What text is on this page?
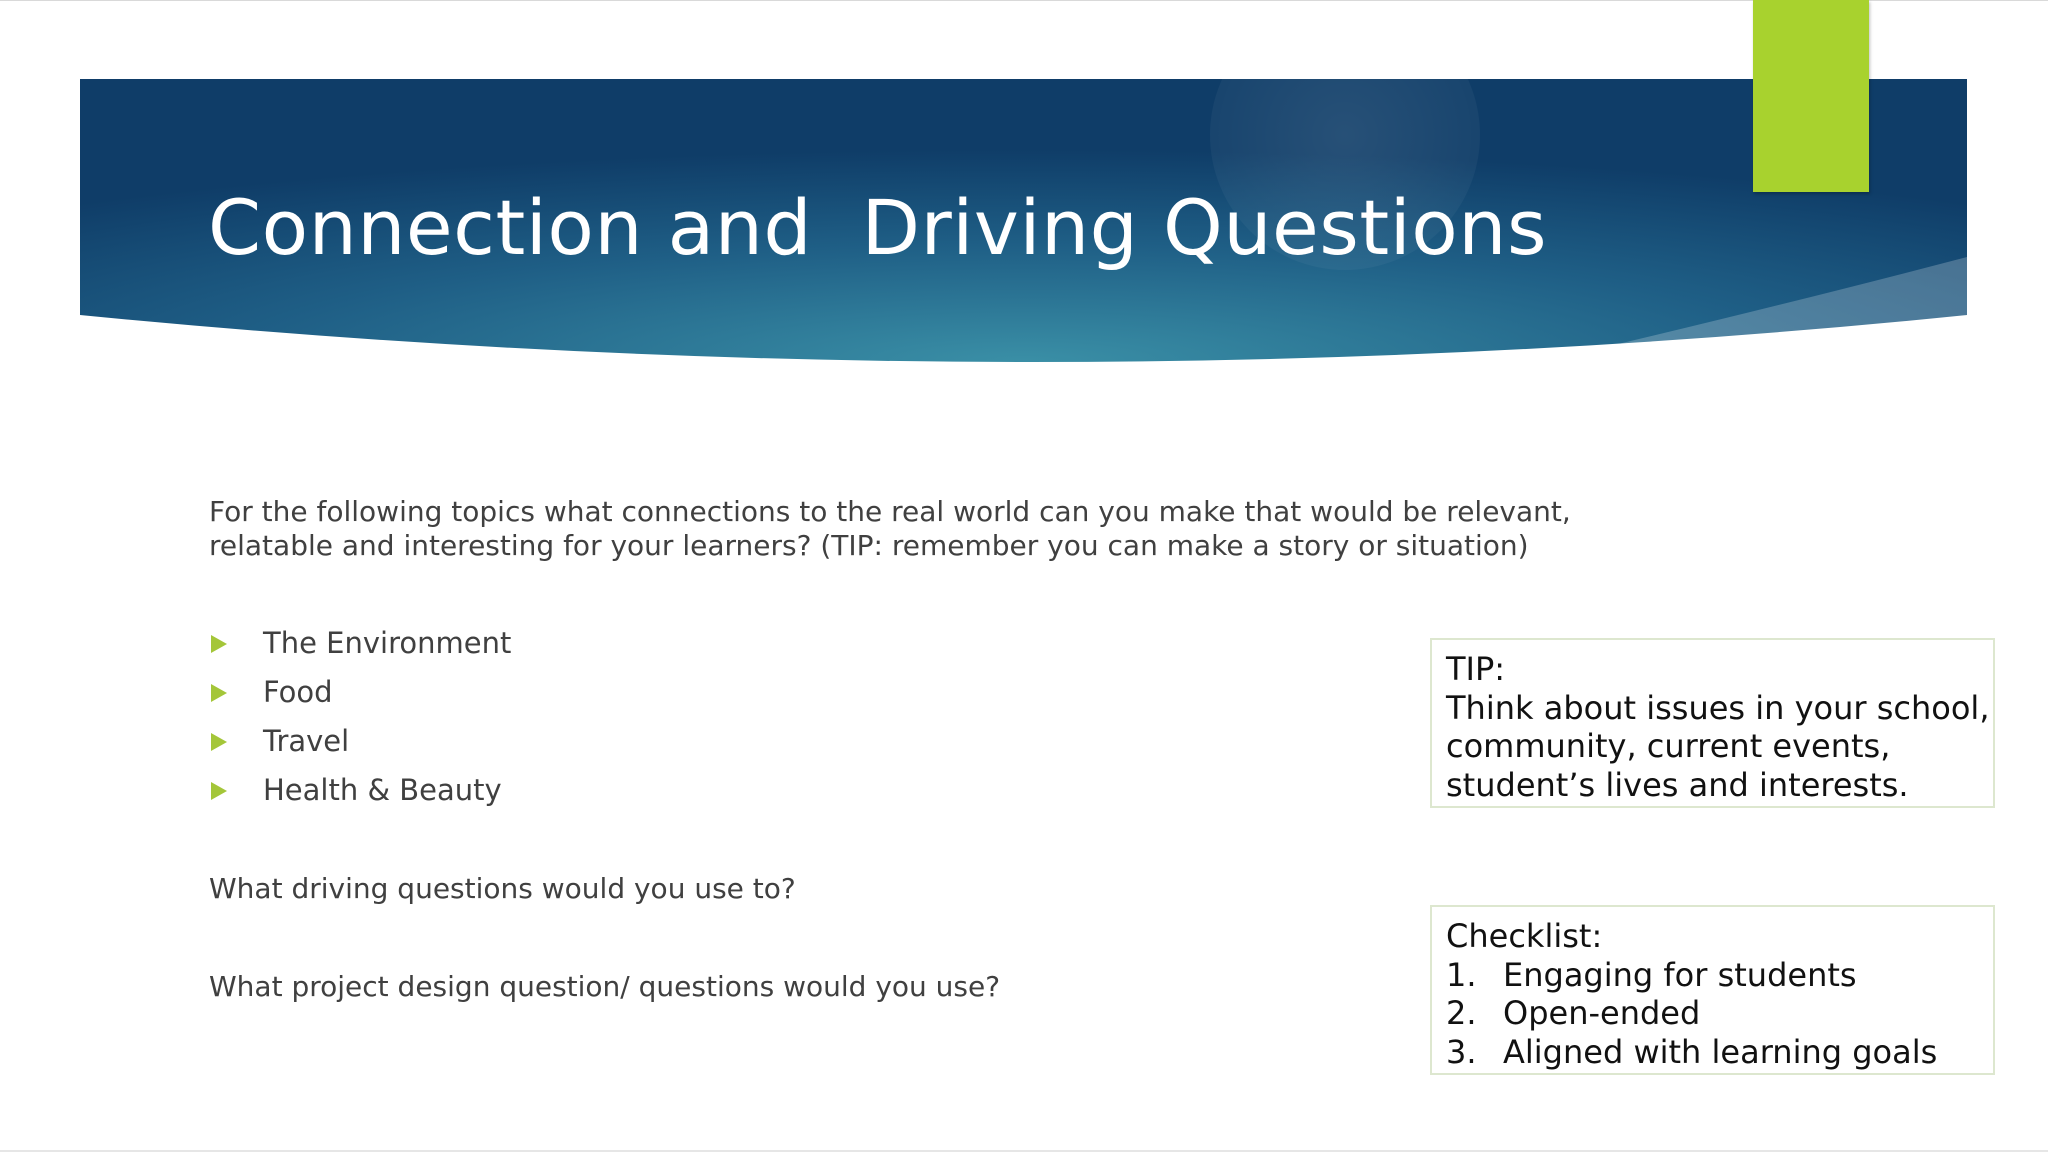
Connection and  Driving Questions

For the following topics what connections to the real world can you make that would be relevant,
relatable and interesting for your learners? (TIP: remember you can make a story or situation)

The Environment
Food
Travel
Health & Beauty

What driving questions would you use to?

What project design question/ questions would you use?

TIP:
Think about issues in your school,
community, current events,
student’s lives and interests.
Checklist:
1. Engaging for students
2. Open-ended
3. Aligned with learning goals
